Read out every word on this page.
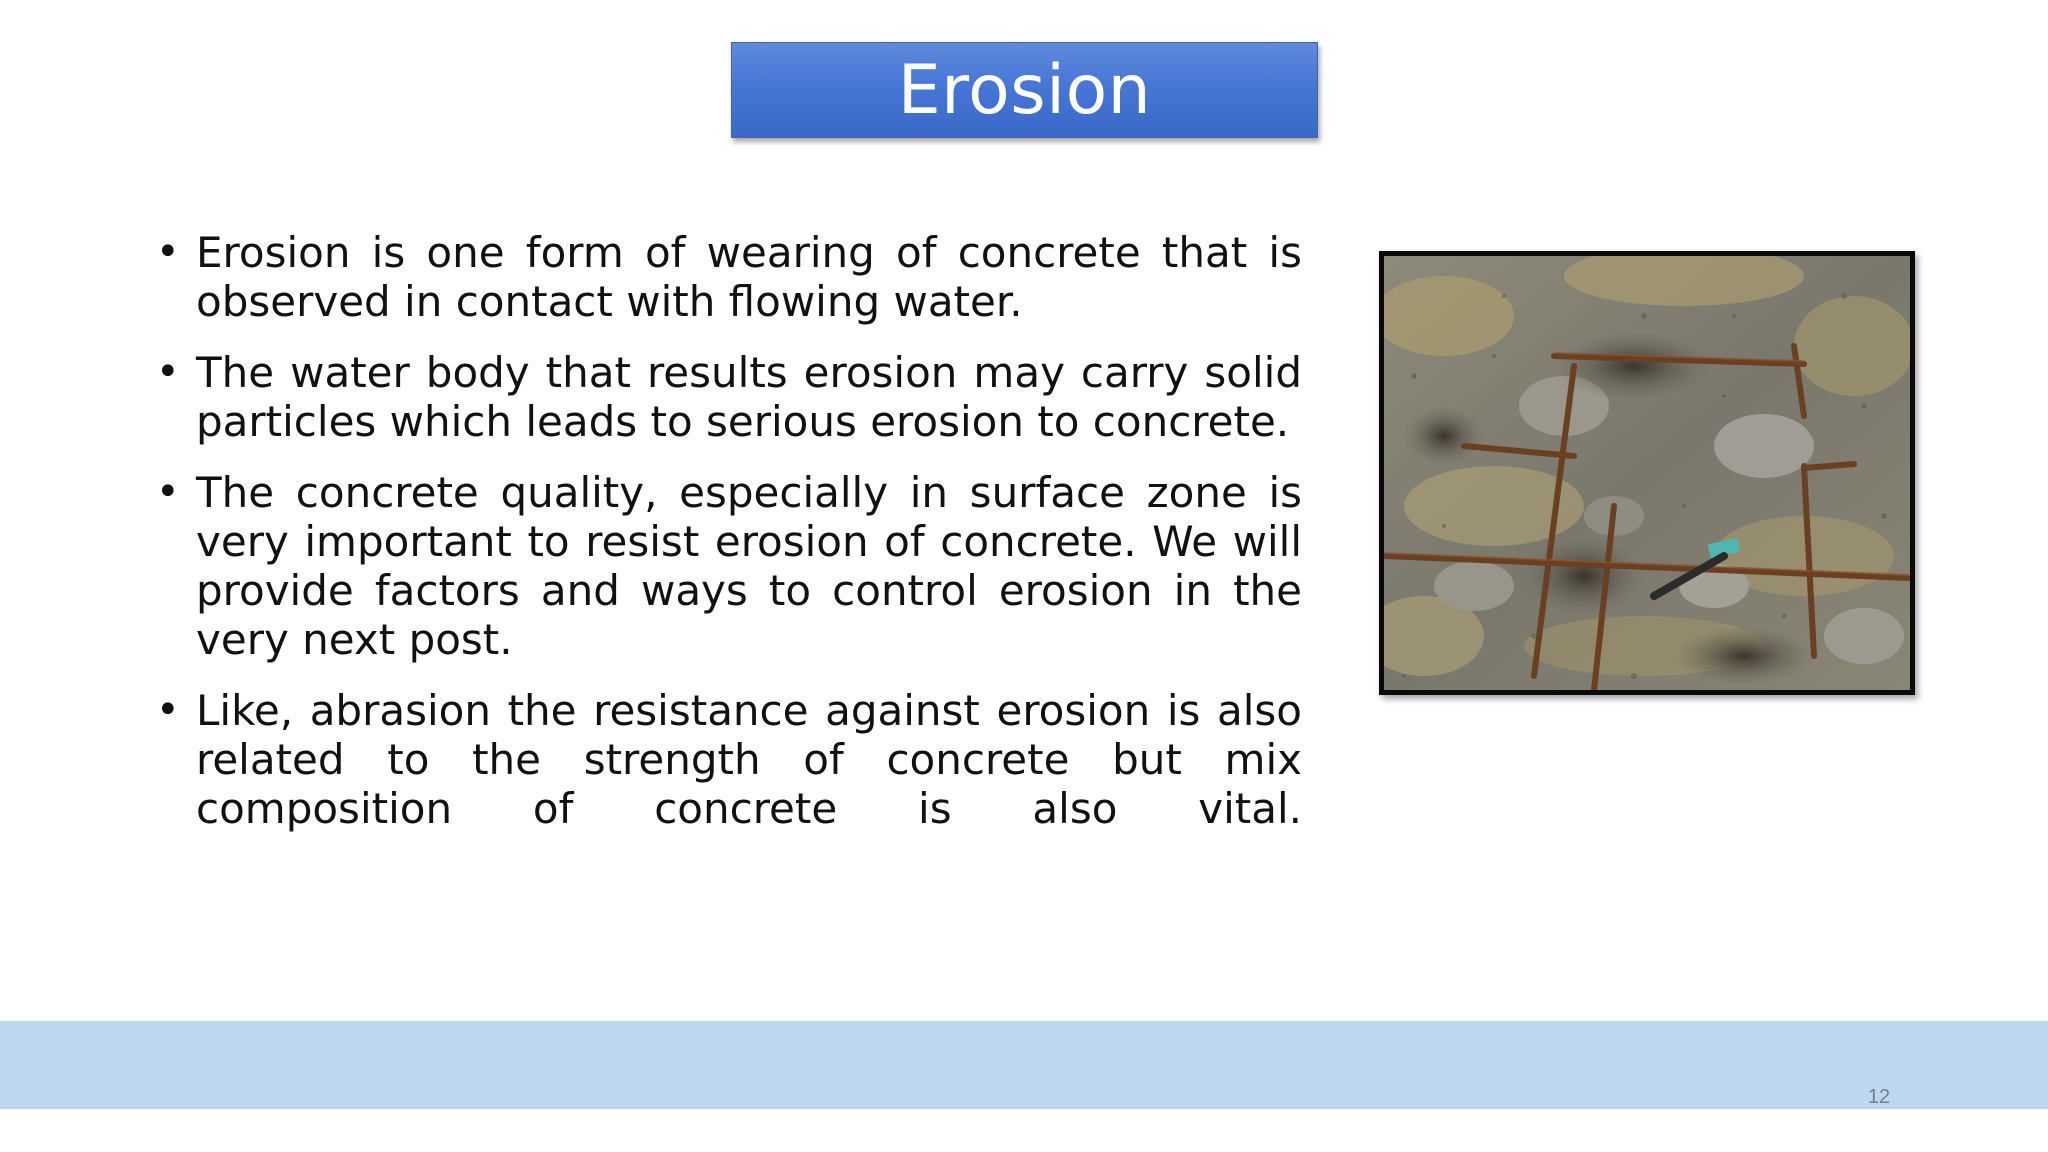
Erosion
• Erosion is one form of wearing of concrete that is observed in contact with flowing water.
• The water body that results erosion may carry solid particles which leads to serious erosion to concrete.
• The concrete quality, especially in surface zone is very important to resist erosion of concrete. We will provide factors and ways to control erosion in the very next post.
• Like, abrasion the resistance against erosion is also related to the strength of concrete but mix composition of concrete is also vital.
12
